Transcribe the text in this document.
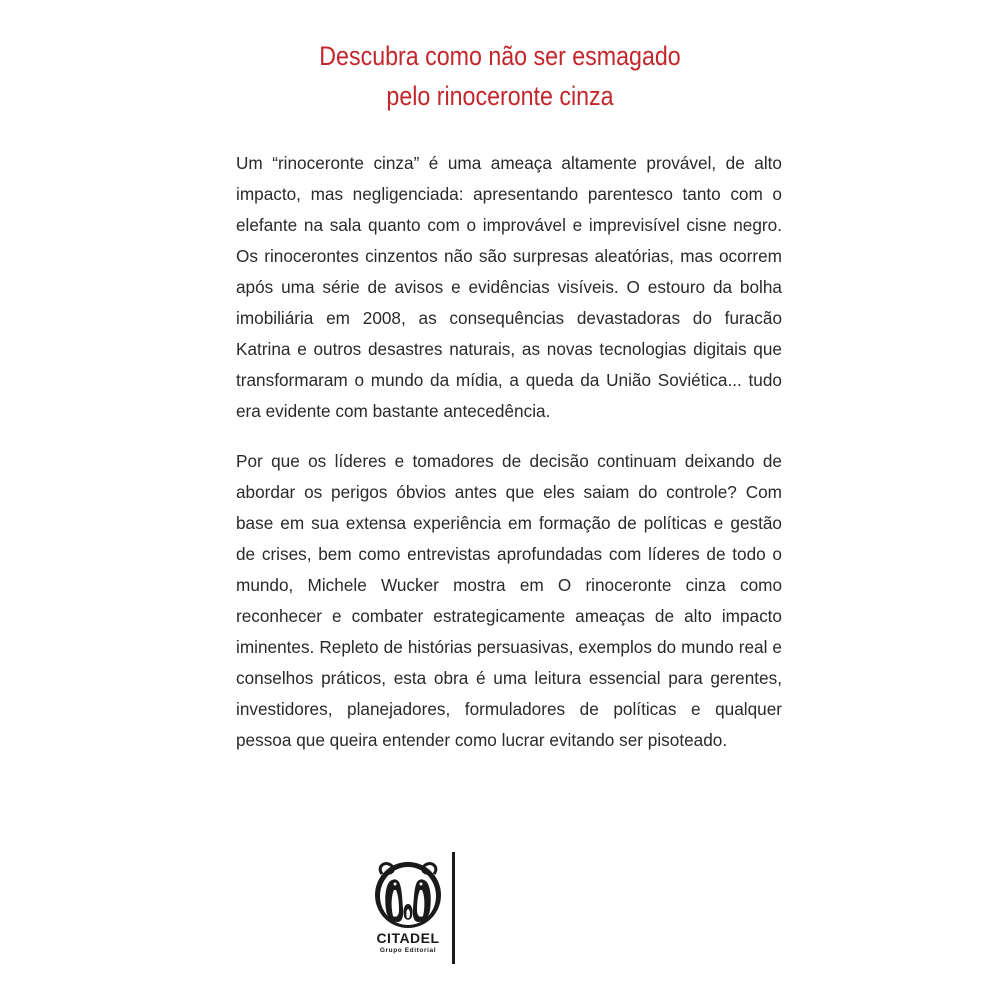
Descubra como não ser esmagado
pelo rinoceronte cinza

Um “rinoceronte cinza” é uma ameaça altamente provável, de alto impacto, mas negligenciada: apresentando parentesco tanto com o elefante na sala quanto com o improvável e imprevisível cisne negro. Os rinocerontes cinzentos não são surpresas aleatórias, mas ocorrem após uma série de avisos e evidências visíveis. O estouro da bolha imobiliária em 2008, as consequências devastadoras do furacão Katrina e outros desastres naturais, as novas tecnologias digitais que transformaram o mundo da mídia, a queda da União Soviética... tudo era evidente com bastante antecedência.

Por que os líderes e tomadores de decisão continuam deixando de abordar os perigos óbvios antes que eles saiam do controle? Com base em sua extensa experiência em formação de políticas e gestão de crises, bem como entrevistas aprofundadas com líderes de todo o mundo, Michele Wucker mostra em O rinoceronte cinza como reconhecer e combater estrategicamente ameaças de alto impacto iminentes. Repleto de histórias persuasivas, exemplos do mundo real e conselhos práticos, esta obra é uma leitura essencial para gerentes, investidores, planejadores, formuladores de políticas e qualquer pessoa que queira entender como lucrar evitando ser pisoteado.

CITADEL
Grupo Editorial
